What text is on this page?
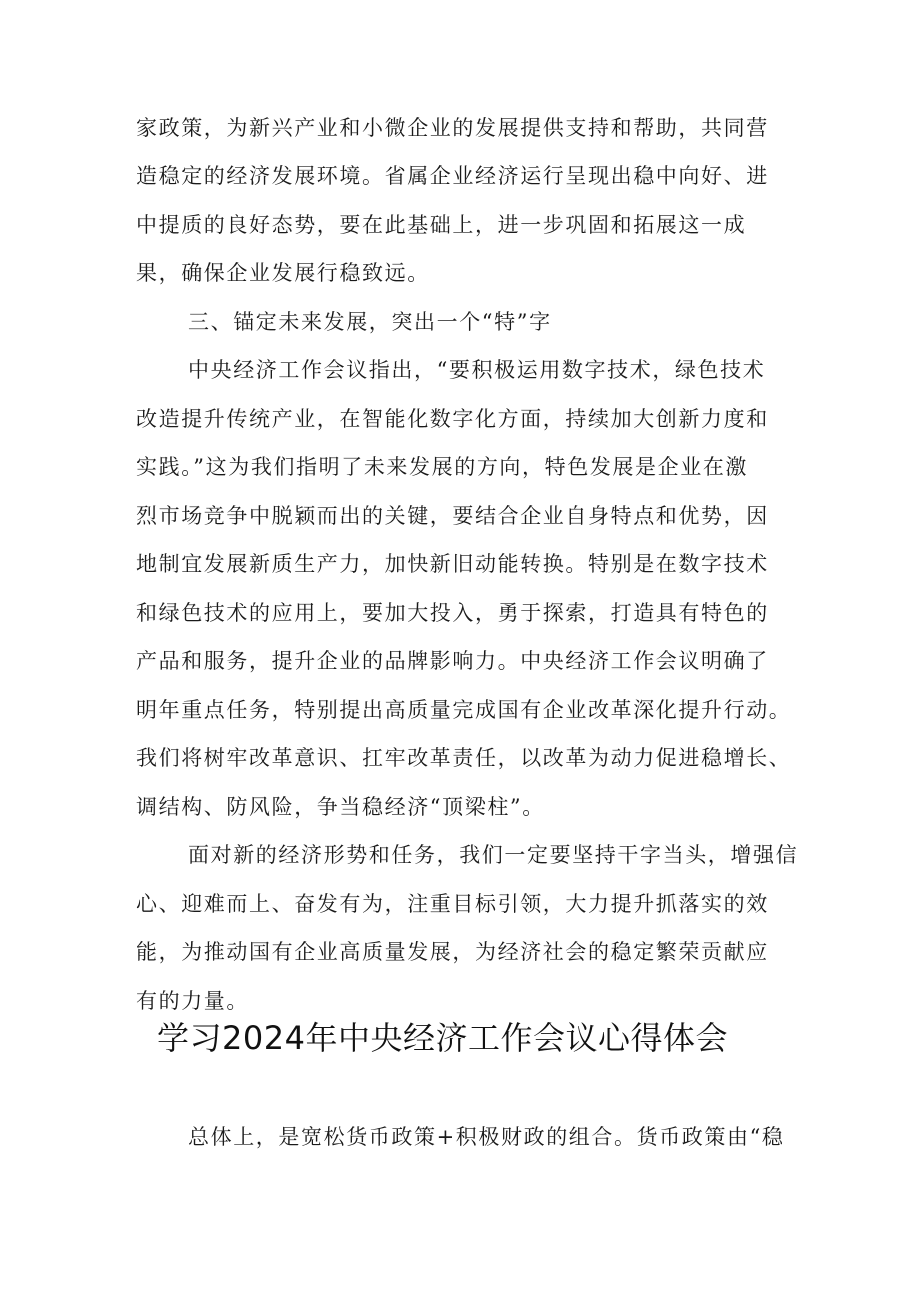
家政策，为新兴产业和小微企业的发展提供支持和帮助，共同营
造稳定的经济发展环境。省属企业经济运行呈现出稳中向好、进
中提质的良好态势，要在此基础上，进一步巩固和拓展这一成
果，确保企业发展行稳致远。
三、锚定未来发展，突出一个“特”字
中央经济工作会议指出，“要积极运用数字技术，绿色技术
改造提升传统产业，在智能化数字化方面，持续加大创新力度和
实践。”这为我们指明了未来发展的方向，特色发展是企业在激
烈市场竞争中脱颖而出的关键，要结合企业自身特点和优势，因
地制宜发展新质生产力，加快新旧动能转换。特别是在数字技术
和绿色技术的应用上，要加大投入，勇于探索，打造具有特色的
产品和服务，提升企业的品牌影响力。中央经济工作会议明确了
明年重点任务，特别提出高质量完成国有企业改革深化提升行动。
我们将树牢改革意识、扛牢改革责任，以改革为动力促进稳增长、
调结构、防风险，争当稳经济“顶梁柱”。
面对新的经济形势和任务，我们一定要坚持干字当头，增强信
心、迎难而上、奋发有为，注重目标引领，大力提升抓落实的效
能，为推动国有企业高质量发展，为经济社会的稳定繁荣贡献应
有的力量。
学习2024年中央经济工作会议心得体会
总体上，是宽松货币政策+积极财政的组合。货币政策由“稳
